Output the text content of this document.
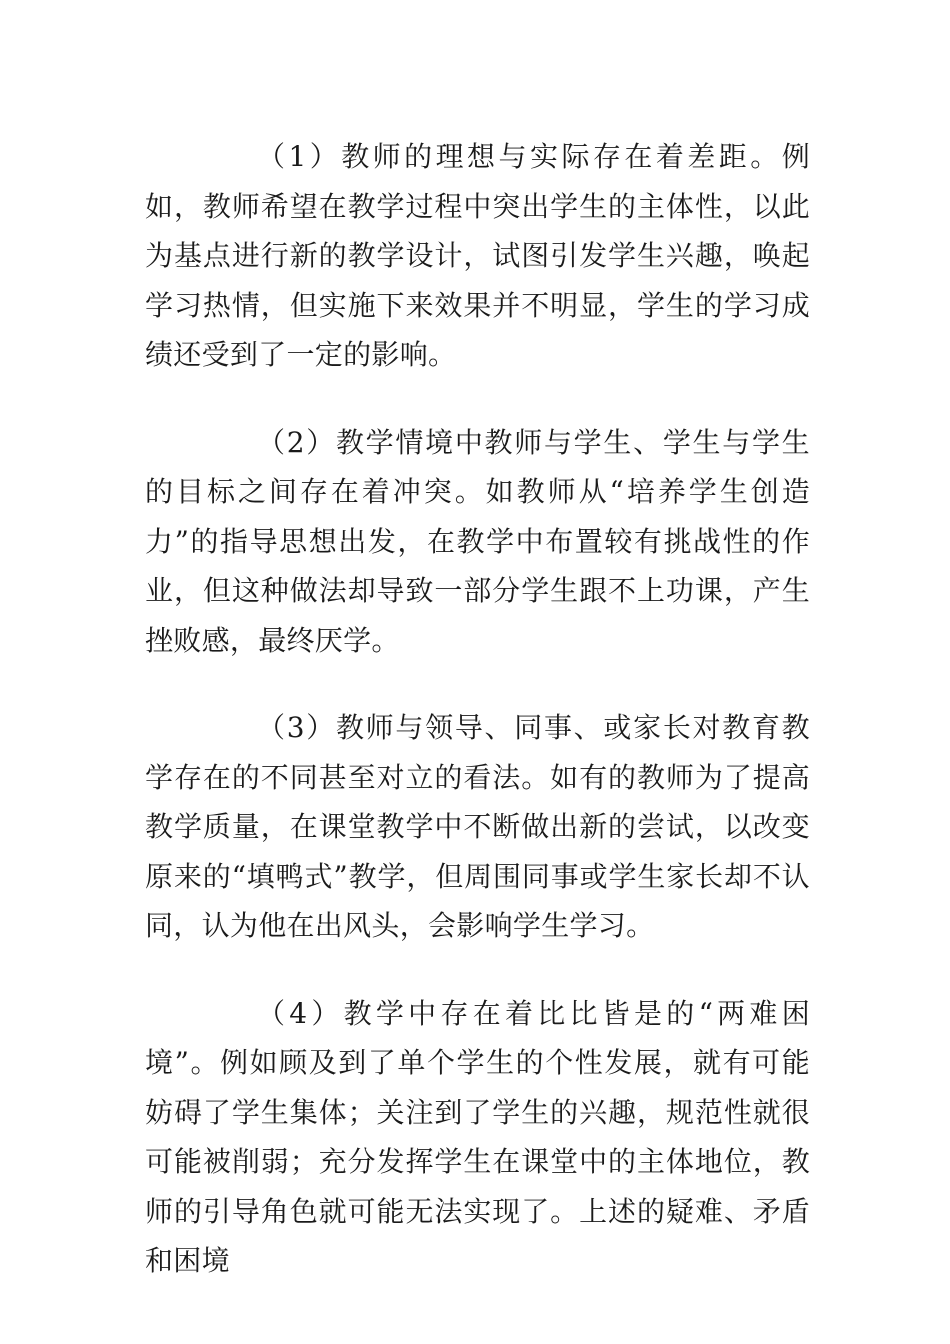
（1）教师的理想与实际存在着差距。例如，教师希望在教学过程中突出学生的主体性，以此为基点进行新的教学设计，试图引发学生兴趣，唤起学习热情，但实施下来效果并不明显，学生的学习成绩还受到了一定的影响。

（2）教学情境中教师与学生、学生与学生的目标之间存在着冲突。如教师从“培养学生创造力”的指导思想出发，在教学中布置较有挑战性的作业，但这种做法却导致一部分学生跟不上功课，产生挫败感，最终厌学。

（3）教师与领导、同事、或家长对教育教学存在的不同甚至对立的看法。如有的教师为了提高教学质量，在课堂教学中不断做出新的尝试，以改变原来的“填鸭式”教学，但周围同事或学生家长却不认同，认为他在出风头，会影响学生学习。

（4）教学中存在着比比皆是的“两难困境”。例如顾及到了单个学生的个性发展，就有可能妨碍了学生集体；关注到了学生的兴趣，规范性就很可能被削弱；充分发挥学生在课堂中的主体地位，教师的引导角色就可能无法实现了。上述的疑难、矛盾和困境
